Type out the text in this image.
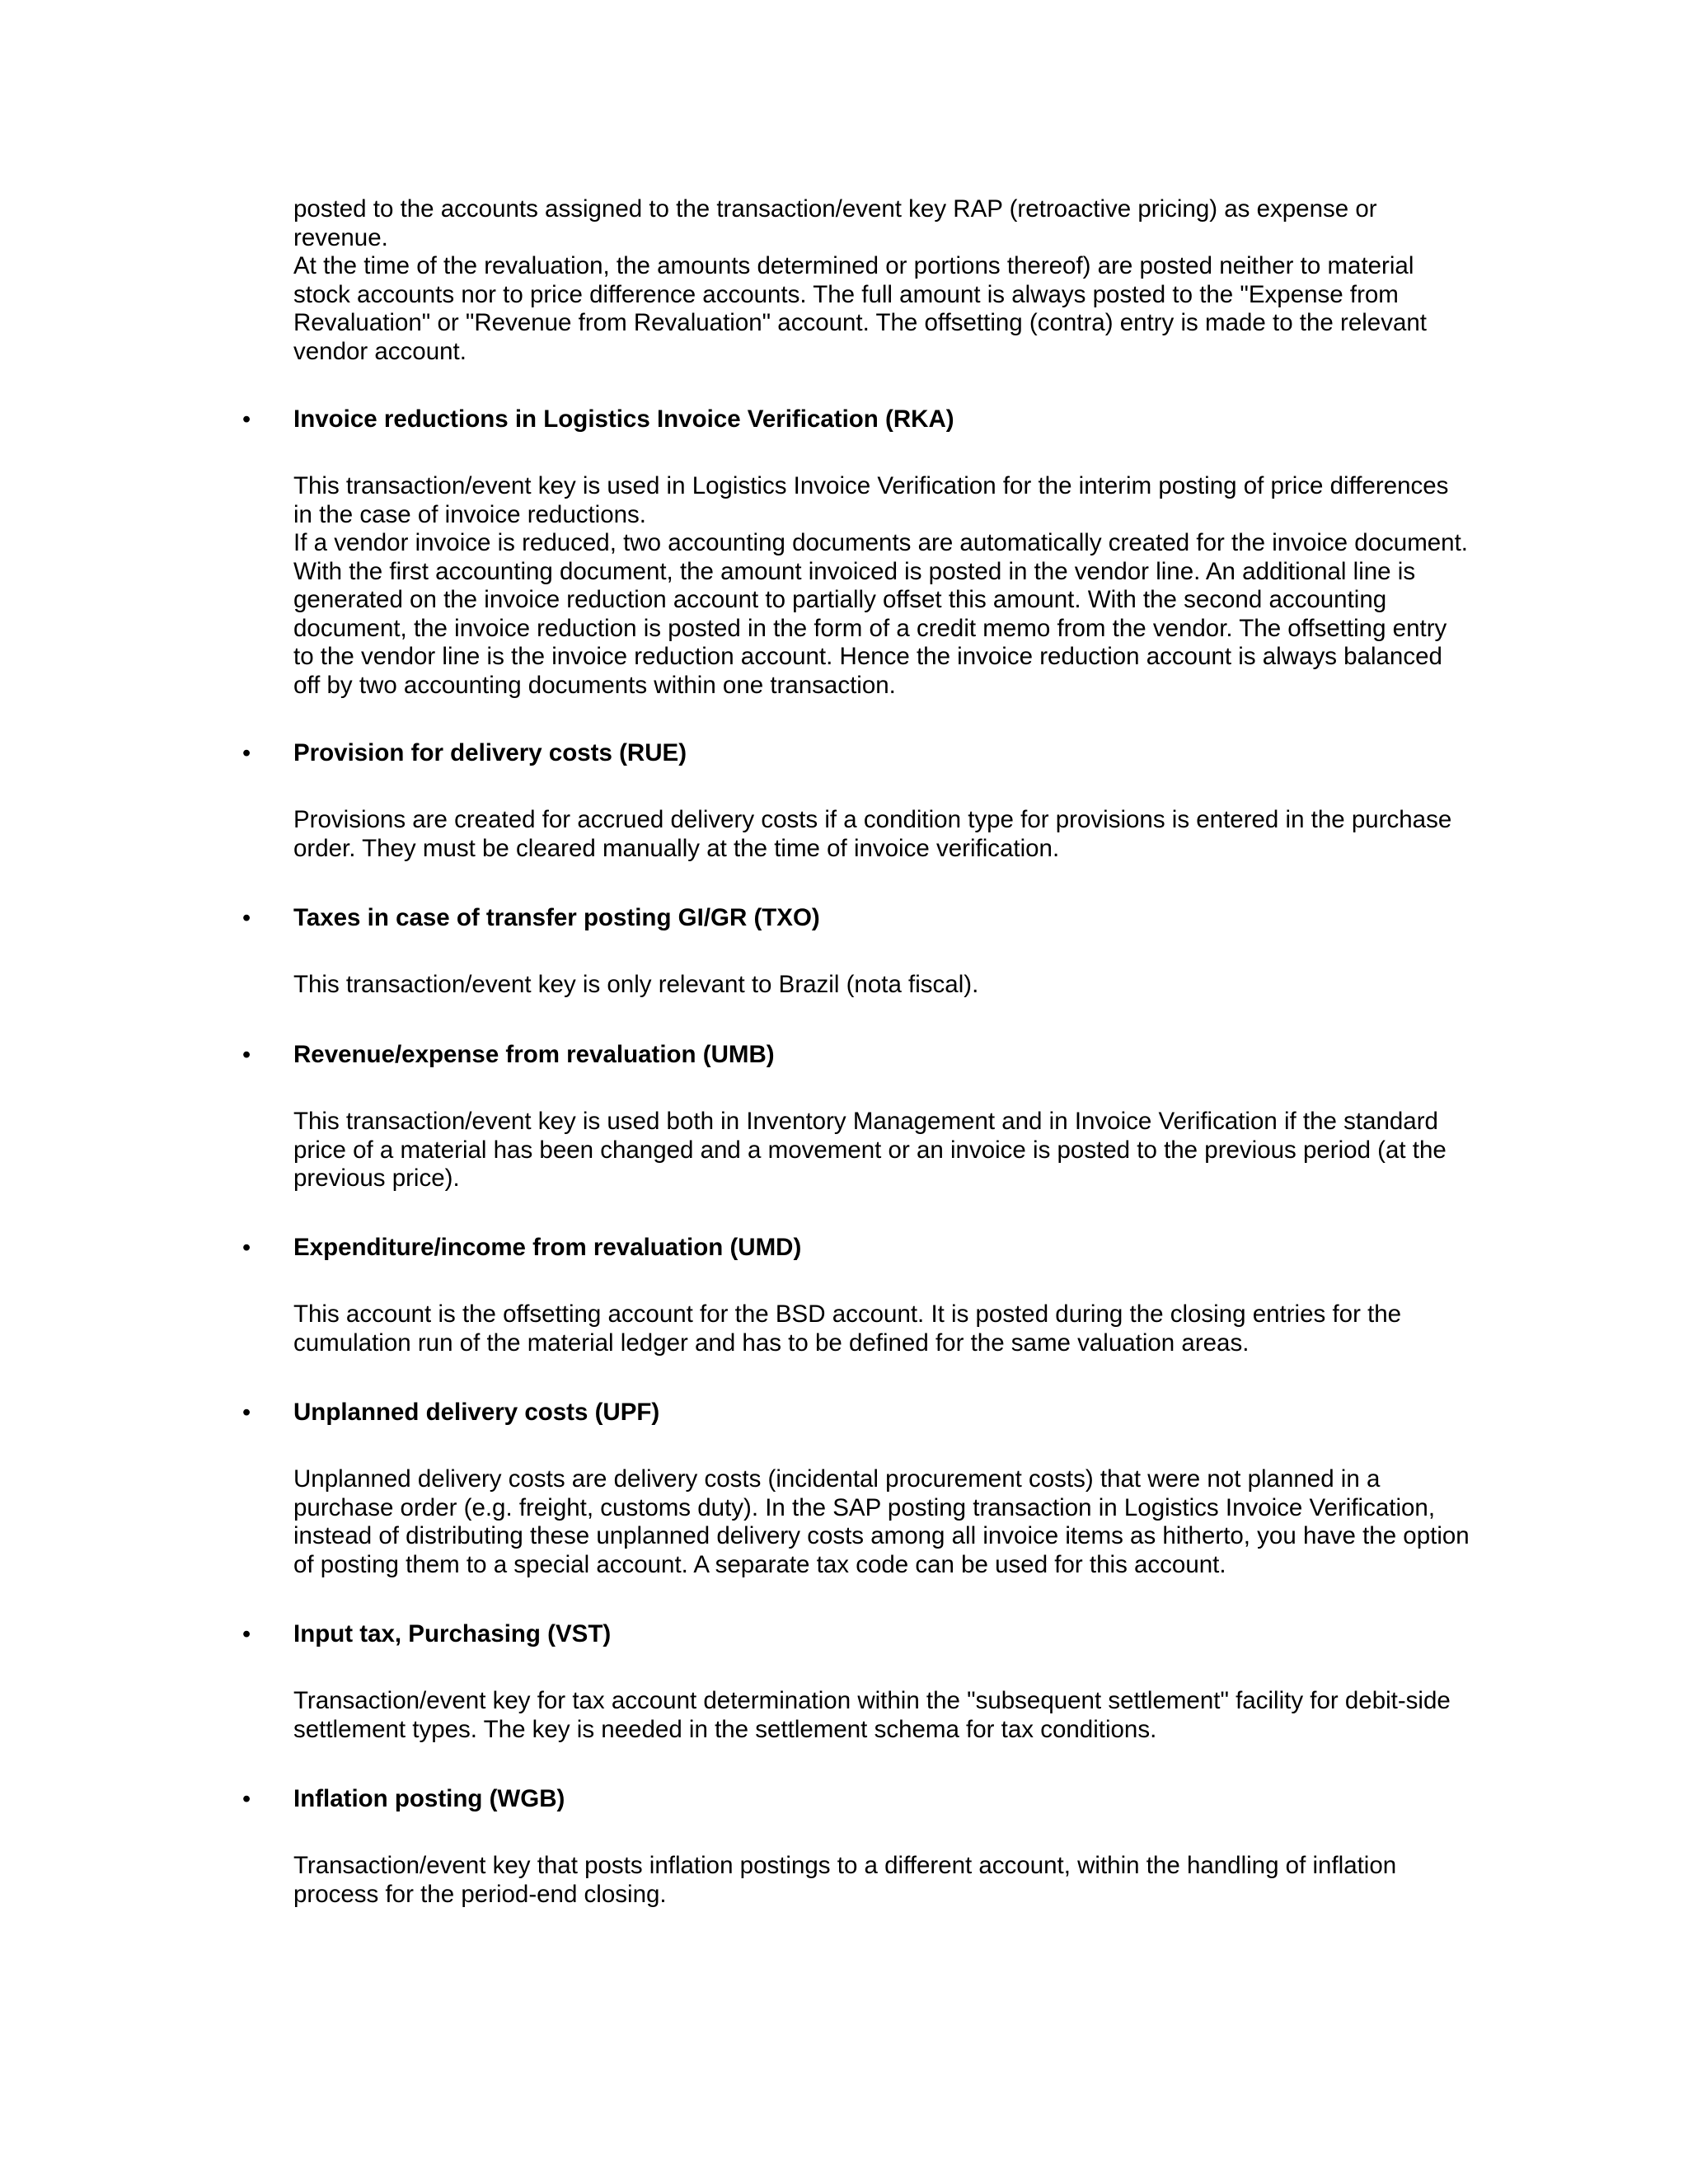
posted to the accounts assigned to the transaction/event key RAP (retroactive pricing) as expense or revenue.

At the time of the revaluation, the amounts determined or portions thereof) are posted neither to material stock accounts nor to price difference accounts. The full amount is always posted to the "Expense from Revaluation" or "Revenue from Revaluation" account. The offsetting (contra) entry is made to the relevant vendor account.

• Invoice reductions in Logistics Invoice Verification (RKA)

This transaction/event key is used in Logistics Invoice Verification for the interim posting of price differences in the case of invoice reductions.

If a vendor invoice is reduced, two accounting documents are automatically created for the invoice document. With the first accounting document, the amount invoiced is posted in the vendor line. An additional line is generated on the invoice reduction account to partially offset this amount. With the second accounting document, the invoice reduction is posted in the form of a credit memo from the vendor. The offsetting entry to the vendor line is the invoice reduction account. Hence the invoice reduction account is always balanced off by two accounting documents within one transaction.

• Provision for delivery costs (RUE)

Provisions are created for accrued delivery costs if a condition type for provisions is entered in the purchase order. They must be cleared manually at the time of invoice verification.

• Taxes in case of transfer posting GI/GR (TXO)

This transaction/event key is only relevant to Brazil (nota fiscal).

• Revenue/expense from revaluation (UMB)

This transaction/event key is used both in Inventory Management and in Invoice Verification if the standard price of a material has been changed and a movement or an invoice is posted to the previous period (at the previous price).

• Expenditure/income from revaluation (UMD)

This account is the offsetting account for the BSD account. It is posted during the closing entries for the cumulation run of the material ledger and has to be defined for the same valuation areas.

• Unplanned delivery costs (UPF)

Unplanned delivery costs are delivery costs (incidental procurement costs) that were not planned in a purchase order (e.g. freight, customs duty). In the SAP posting transaction in Logistics Invoice Verification, instead of distributing these unplanned delivery costs among all invoice items as hitherto, you have the option of posting them to a special account. A separate tax code can be used for this account.

• Input tax, Purchasing (VST)

Transaction/event key for tax account determination within the "subsequent settlement" facility for debit-side settlement types. The key is needed in the settlement schema for tax conditions.

• Inflation posting (WGB)

Transaction/event key that posts inflation postings to a different account, within the handling of inflation process for the period-end closing.
